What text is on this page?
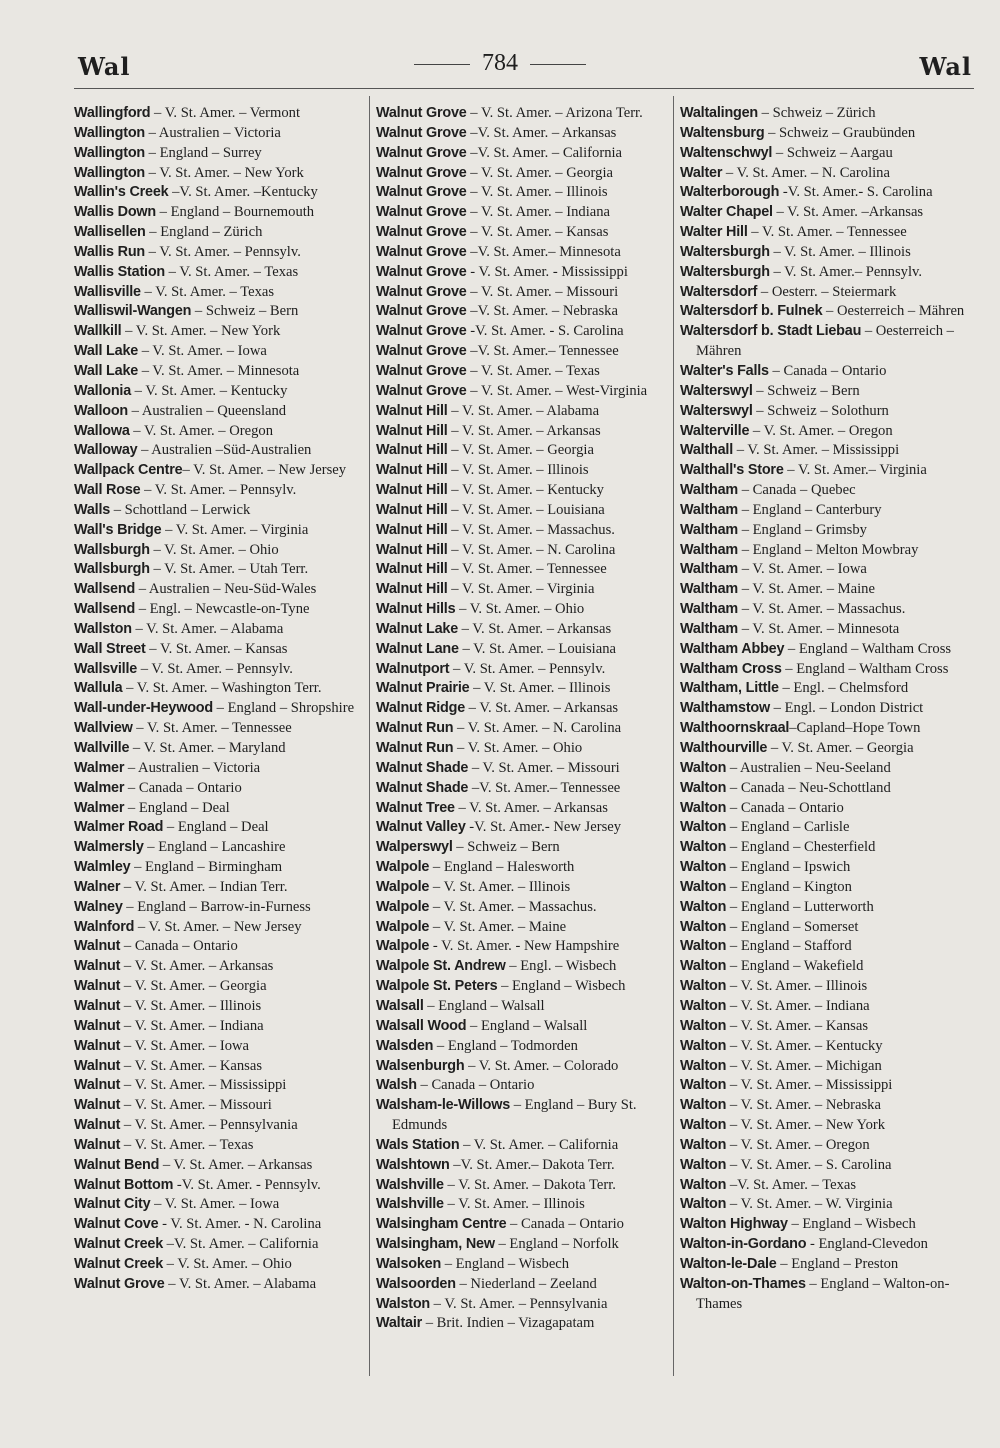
Wal	784	Wal
Wallingford – V. St. Amer. – Vermont
Wallington – Australien – Victoria
Wallington – England – Surrey
Wallington – V. St. Amer. – New York
Wallin's Creek –V. St. Amer. –Kentucky
Wallis Down – England – Bournemouth
Wallisellen – England – Zürich
Wallis Run – V. St. Amer. – Pennsylv.
Wallis Station – V. St. Amer. – Texas
Wallisville – V. St. Amer. – Texas
Walliswil-Wangen – Schweiz – Bern
Wallkill – V. St. Amer. – New York
Wall Lake – V. St. Amer. – Iowa
Wall Lake – V. St. Amer. – Minnesota
Wallonia – V. St. Amer. – Kentucky
Walloon – Australien – Queensland
Wallowa – V. St. Amer. – Oregon
Walloway – Australien –Süd-Australien
Wallpack Centre– V. St. Amer. – New Jersey
Wall Rose – V. St. Amer. – Pennsylv.
Walls – Schottland – Lerwick
Wall's Bridge – V. St. Amer. – Virginia
Wallsburgh – V. St. Amer. – Ohio
Wallsburgh – V. St. Amer. – Utah Terr.
Wallsend – Australien – Neu-Süd-Wales
Wallsend – Engl. – Newcastle-on-Tyne
Wallston – V. St. Amer. – Alabama
Wall Street – V. St. Amer. – Kansas
Wallsville – V. St. Amer. – Pennsylv.
Wallula – V. St. Amer. – Washington Terr.
Wall-under-Heywood – England – Shropshire
Wallview – V. St. Amer. – Tennessee
Wallville – V. St. Amer. – Maryland
Walmer – Australien – Victoria
Walmer – Canada – Ontario
Walmer – England – Deal
Walmer Road – England – Deal
Walmersly – England – Lancashire
Walmley – England – Birmingham
Walner – V. St. Amer. – Indian Terr.
Walney – England – Barrow-in-Furness
Walnford – V. St. Amer. – New Jersey
Walnut – Canada – Ontario
Walnut – V. St. Amer. – Arkansas
Walnut – V. St. Amer. – Georgia
Walnut – V. St. Amer. – Illinois
Walnut – V. St. Amer. – Indiana
Walnut – V. St. Amer. – Iowa
Walnut – V. St. Amer. – Kansas
Walnut – V. St. Amer. – Mississippi
Walnut – V. St. Amer. – Missouri
Walnut – V. St. Amer. – Pennsylvania
Walnut – V. St. Amer. – Texas
Walnut Bend – V. St. Amer. – Arkansas
Walnut Bottom -V. St. Amer. - Pennsylv.
Walnut City – V. St. Amer. – Iowa
Walnut Cove - V. St. Amer. - N. Carolina
Walnut Creek –V. St. Amer. – California
Walnut Creek – V. St. Amer. – Ohio
Walnut Grove – V. St. Amer. – Alabama
Walnut Grove – V. St. Amer. – Arizona Terr.
Walnut Grove –V. St. Amer. – Arkansas
Walnut Grove –V. St. Amer. – California
Walnut Grove – V. St. Amer. – Georgia
Walnut Grove – V. St. Amer. – Illinois
Walnut Grove – V. St. Amer. – Indiana
Walnut Grove – V. St. Amer. – Kansas
Walnut Grove –V. St. Amer.– Minnesota
Walnut Grove - V. St. Amer. - Mississippi
Walnut Grove – V. St. Amer. – Missouri
Walnut Grove –V. St. Amer. – Nebraska
Walnut Grove -V. St. Amer. - S. Carolina
Walnut Grove –V. St. Amer.– Tennessee
Walnut Grove – V. St. Amer. – Texas
Walnut Grove – V. St. Amer. – West-Virginia
Walnut Hill – V. St. Amer. – Alabama
Walnut Hill – V. St. Amer. – Arkansas
Walnut Hill – V. St. Amer. – Georgia
Walnut Hill – V. St. Amer. – Illinois
Walnut Hill – V. St. Amer. – Kentucky
Walnut Hill – V. St. Amer. – Louisiana
Walnut Hill – V. St. Amer. – Massachus.
Walnut Hill – V. St. Amer. – N. Carolina
Walnut Hill – V. St. Amer. – Tennessee
Walnut Hill – V. St. Amer. – Virginia
Walnut Hills – V. St. Amer. – Ohio
Walnut Lake – V. St. Amer. – Arkansas
Walnut Lane – V. St. Amer. – Louisiana
Walnutport – V. St. Amer. – Pennsylv.
Walnut Prairie – V. St. Amer. – Illinois
Walnut Ridge – V. St. Amer. – Arkansas
Walnut Run – V. St. Amer. – N. Carolina
Walnut Run – V. St. Amer. – Ohio
Walnut Shade – V. St. Amer. – Missouri
Walnut Shade –V. St. Amer.– Tennessee
Walnut Tree – V. St. Amer. – Arkansas
Walnut Valley -V. St. Amer.- New Jersey
Walperswyl – Schweiz – Bern
Walpole – England – Halesworth
Walpole – V. St. Amer. – Illinois
Walpole – V. St. Amer. – Massachus.
Walpole – V. St. Amer. – Maine
Walpole - V. St. Amer. - New Hampshire
Walpole St. Andrew – Engl. – Wisbech
Walpole St. Peters – England – Wisbech
Walsall – England – Walsall
Walsall Wood – England – Walsall
Walsden – England – Todmorden
Walsenburgh – V. St. Amer. – Colorado
Walsh – Canada – Ontario
Walsham-le-Willows – England – Bury St. Edmunds
Wals Station – V. St. Amer. – California
Walshtown –V. St. Amer.– Dakota Terr.
Walshville – V. St. Amer. – Dakota Terr.
Walshville – V. St. Amer. – Illinois
Walsingham Centre – Canada – Ontario
Walsingham, New – England – Norfolk
Walsoken – England – Wisbech
Walsoorden – Niederland – Zeeland
Walston – V. St. Amer. – Pennsylvania
Waltair – Brit. Indien – Vizagapatam
Waltalingen – Schweiz – Zürich
Waltensburg – Schweiz – Graubünden
Waltenschwyl – Schweiz – Aargau
Walter – V. St. Amer. – N. Carolina
Walterborough -V. St. Amer.- S. Carolina
Walter Chapel – V. St. Amer. –Arkansas
Walter Hill – V. St. Amer. – Tennessee
Waltersburgh – V. St. Amer. – Illinois
Waltersburgh – V. St. Amer.– Pennsylv.
Waltersdorf – Oesterr. – Steiermark
Waltersdorf b. Fulnek – Oesterreich – Mähren
Waltersdorf b. Stadt Liebau – Oesterreich – Mähren
Walter's Falls – Canada – Ontario
Walterswyl – Schweiz – Bern
Walterswyl – Schweiz – Solothurn
Walterville – V. St. Amer. – Oregon
Walthall – V. St. Amer. – Mississippi
Walthall's Store – V. St. Amer.– Virginia
Waltham – Canada – Quebec
Waltham – England – Canterbury
Waltham – England – Grimsby
Waltham – England – Melton Mowbray
Waltham – V. St. Amer. – Iowa
Waltham – V. St. Amer. – Maine
Waltham – V. St. Amer. – Massachus.
Waltham – V. St. Amer. – Minnesota
Waltham Abbey – England – Waltham Cross
Waltham Cross – England – Waltham Cross
Waltham, Little – Engl. – Chelmsford
Walthamstow – Engl. – London District
Walthoornskraal–Capland–Hope Town
Walthourville – V. St. Amer. – Georgia
Walton – Australien – Neu-Seeland
Walton – Canada – Neu-Schottland
Walton – Canada – Ontario
Walton – England – Carlisle
Walton – England – Chesterfield
Walton – England – Ipswich
Walton – England – Kington
Walton – England – Lutterworth
Walton – England – Somerset
Walton – England – Stafford
Walton – England – Wakefield
Walton – V. St. Amer. – Illinois
Walton – V. St. Amer. – Indiana
Walton – V. St. Amer. – Kansas
Walton – V. St. Amer. – Kentucky
Walton – V. St. Amer. – Michigan
Walton – V. St. Amer. – Mississippi
Walton – V. St. Amer. – Nebraska
Walton – V. St. Amer. – New York
Walton – V. St. Amer. – Oregon
Walton – V. St. Amer. – S. Carolina
Walton –V. St. Amer. – Texas
Walton – V. St. Amer. – W. Virginia
Walton Highway – England – Wisbech
Walton-in-Gordano - England-Clevedon
Walton-le-Dale – England – Preston
Walton-on-Thames – England – Walton-on-Thames
